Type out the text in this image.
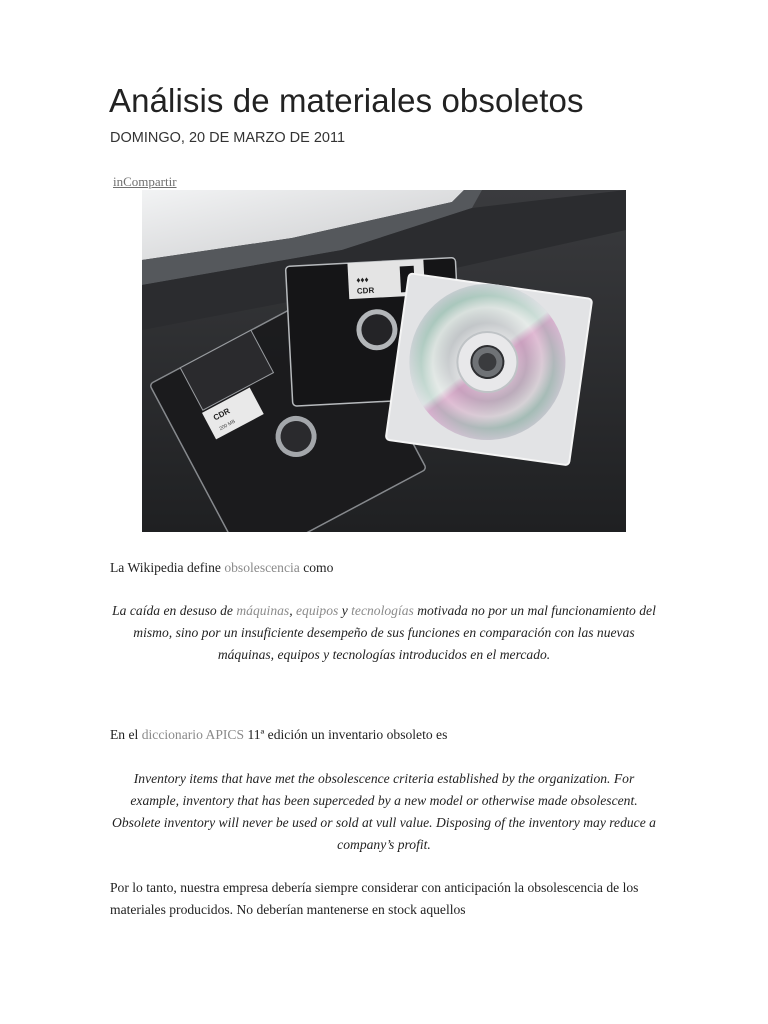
Análisis de materiales obsoletos
DOMINGO, 20 DE MARZO DE 2011
inCompartir
CDR
200 MB
♦♦♦
CDR

La Wikipedia define obsolescencia como

La caída en desuso de máquinas, equipos y tecnologías motivada no por un mal funcionamiento del mismo, sino por un insuficiente desempeño de sus funciones en comparación con las nuevas máquinas, equipos y tecnologías introducidos en el mercado.

En el diccionario APICS 11ª edición un inventario obsoleto es

Inventory items that have met the obsolescence criteria established by the organization. For example, inventory that has been superceded by a new model or otherwise made obsolescent. Obsolete inventory will never be used or sold at vull value. Disposing of the inventory may reduce a company’s profit.

Por lo tanto, nuestra empresa debería siempre considerar con anticipación la obsolescencia de los materiales producidos. No deberían mantenerse en stock aquellos
